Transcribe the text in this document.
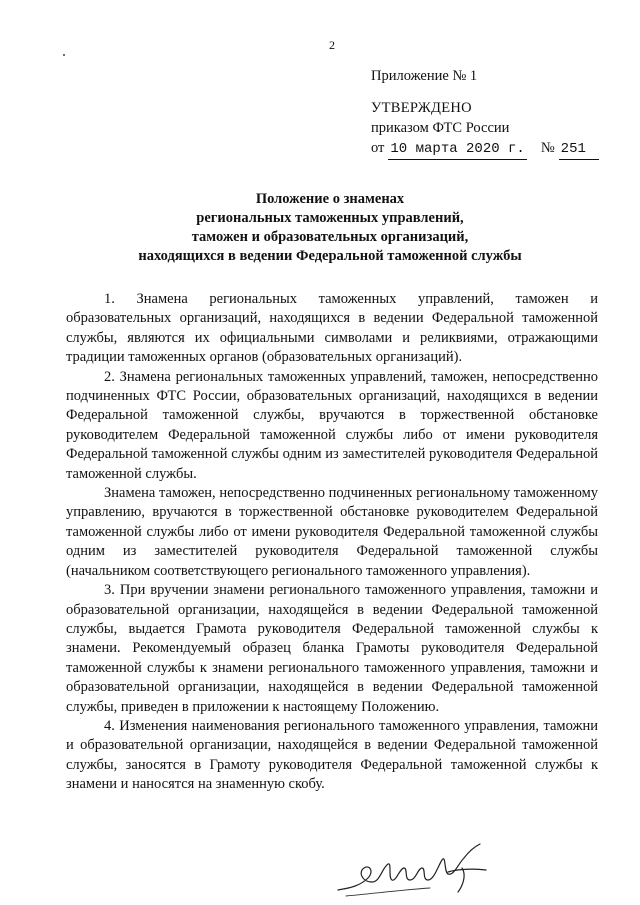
2
Приложение № 1
УТВЕРЖДЕНО
приказом ФТС России
от 10 марта 2020 г. № 251
Положение о знаменах
региональных таможенных управлений,
таможен и образовательных организаций,
находящихся в ведении Федеральной таможенной службы

1. Знамена региональных таможенных управлений, таможен и образовательных организаций, находящихся в ведении Федеральной таможенной службы, являются их официальными символами и реликвиями, отражающими традиции таможенных органов (образовательных организаций).

2. Знамена региональных таможенных управлений, таможен, непосредственно подчиненных ФТС России, образовательных организаций, находящихся в ведении Федеральной таможенной службы, вручаются в торжественной обстановке руководителем Федеральной таможенной службы либо от имени руководителя Федеральной таможенной службы одним из заместителей руководителя Федеральной таможенной службы.

Знамена таможен, непосредственно подчиненных региональному таможенному управлению, вручаются в торжественной обстановке руководителем Федеральной таможенной службы либо от имени руководителя Федеральной таможенной службы одним из заместителей руководителя Федеральной таможенной службы (начальником соответствующего регионального таможенного управления).

3. При вручении знамени регионального таможенного управления, таможни и образовательной организации, находящейся в ведении Федеральной таможенной службы, выдается Грамота руководителя Федеральной таможенной службы к знамени. Рекомендуемый образец бланка Грамоты руководителя Федеральной таможенной службы к знамени регионального таможенного управления, таможни и образовательной организации, находящейся в ведении Федеральной таможенной службы, приведен в приложении к настоящему Положению.

4. Изменения наименования регионального таможенного управления, таможни и образовательной организации, находящейся в ведении Федеральной таможенной службы, заносятся в Грамоту руководителя Федеральной таможенной службы к знамени и наносятся на знаменную скобу.
